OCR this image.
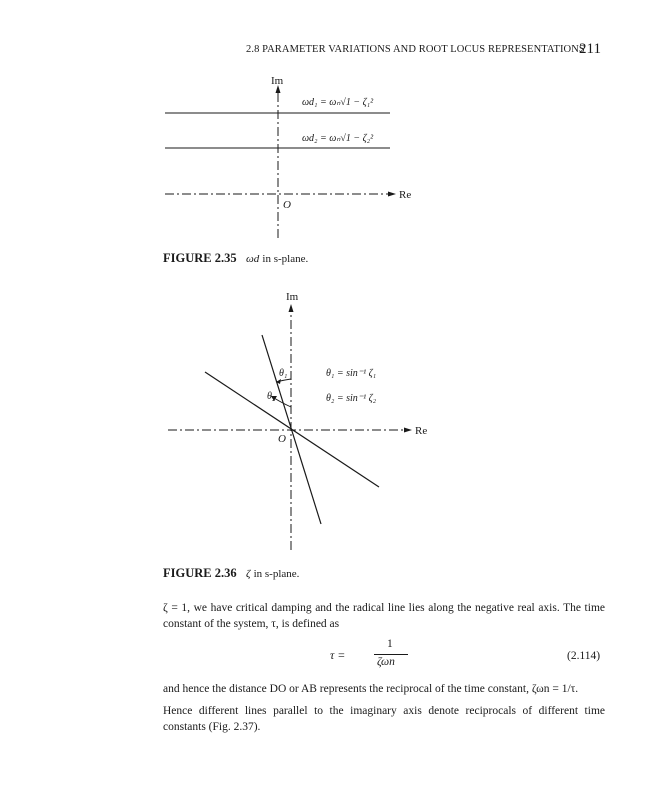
2.8 PARAMETER VARIATIONS AND ROOT LOCUS REPRESENTATIONS
211
Im
Re
O
ωd₁ = ωₙ√1 − ζ₁²
ωd₂ = ωₙ√1 − ζ₂²
FIGURE 2.35 ωd in s-plane.
Im
Re
O
θ₁
θ₂
θ₁ = sin⁻¹ ζ₁
θ₂ = sin⁻¹ ζ₂
FIGURE 2.36 ζ in s-plane.
ζ = 1, we have critical damping and the radical line lies along the negative real axis. The time constant of the system, τ, is defined as
τ =
1
ζωn	(2.114)
and hence the distance DO or AB represents the reciprocal of the time constant, ζωn = 1/τ.
Hence different lines parallel to the imaginary axis denote reciprocals of different time constants (Fig. 2.37).
